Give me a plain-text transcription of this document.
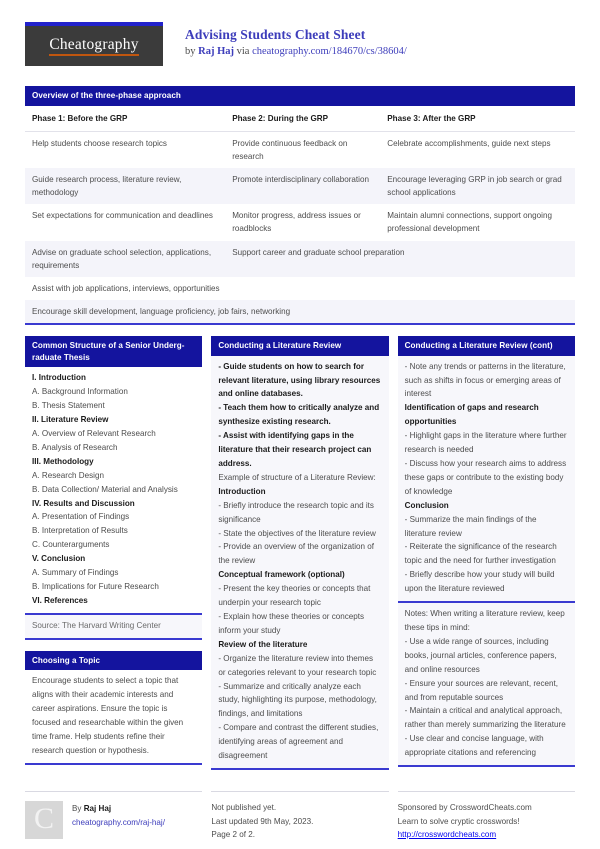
Cheatography
Advising Students Cheat Sheet
by Raj Haj via cheatography.com/184670/cs/38604/
Overview of the three-phase approach
Phase 1: Before the GRP	Phase 2: During the GRP	Phase 3: After the GRP
Help students choose research topics	Provide continuous feedback on research	Celebrate accomplishments, guide next steps
Guide research process, literature review, methodology	Promote interdisciplinary collaboration	Encourage leveraging GRP in job search or grad school applications
Set expectations for communication and deadlines	Monitor progress, address issues or roadblocks	Maintain alumni connections, support ongoing professional development
Advise on graduate school selection, applications, requirements	Support career and graduate school preparation	
Assist with job applications, interviews, opportunities		
Encourage skill development, language proficiency, job fairs, networking		
Common Structure of a Senior Undergraduate Thesis

I. Introduction

A. Background Information

B. Thesis Statement

II. Literature Review

A. Overview of Relevant Research

B. Analysis of Research

III. Methodology

A. Research Design

B. Data Collection/ Material and Analysis

IV. Results and Discussion

A. Presentation of Findings

B. Interpretation of Results

C. Counterarguments

V. Conclusion

A. Summary of Findings

B. Implications for Future Research

VI. References

Source: The Harvard Writing Center

Choosing a Topic
Encourage students to select a topic that aligns with their academic interests and career aspirations. Ensure the topic is focused and researchable within the given time frame. Help students refine their research question or hypothesis.
Conducting a Literature Review

- Guide students on how to search for relevant literature, using library resources and online databases.

- Teach them how to critically analyze and synthesize existing research.

- Assist with identifying gaps in the literature that their research project can address.

Example of structure of a Literature Review:

Introduction

- Briefly introduce the research topic and its significance

- State the objectives of the literature review

- Provide an overview of the organization of the review

Conceptual framework (optional)

- Present the key theories or concepts that underpin your research topic

- Explain how these theories or concepts inform your study

Review of the literature

- Organize the literature review into themes or categories relevant to your research topic

- Summarize and critically analyze each study, highlighting its purpose, methodology, findings, and limitations

- Compare and contrast the different studies, identifying areas of agreement and disagreement

Conducting a Literature Review (cont)

- Note any trends or patterns in the literature, such as shifts in focus or emerging areas of interest

Identification of gaps and research opportunities

- Highlight gaps in the literature where further research is needed

- Discuss how your research aims to address these gaps or contribute to the existing body of knowledge

Conclusion

- Summarize the main findings of the literature review

- Reiterate the significance of the research topic and the need for further investigation

- Briefly describe how your study will build upon the literature reviewed

Notes: When writing a literature review, keep these tips in mind:

- Use a wide range of sources, including books, journal articles, conference papers, and online resources

- Ensure your sources are relevant, recent, and from reputable sources

- Maintain a critical and analytical approach, rather than merely summarizing the literature

- Use clear and concise language, with appropriate citations and referencing

C	By Raj Haj
cheatography.com/raj-haj/
Not published yet.
Last updated 9th May, 2023.
Page 2 of 2.
Sponsored by CrosswordCheats.com
Learn to solve cryptic crosswords!
http://crosswordcheats.com
